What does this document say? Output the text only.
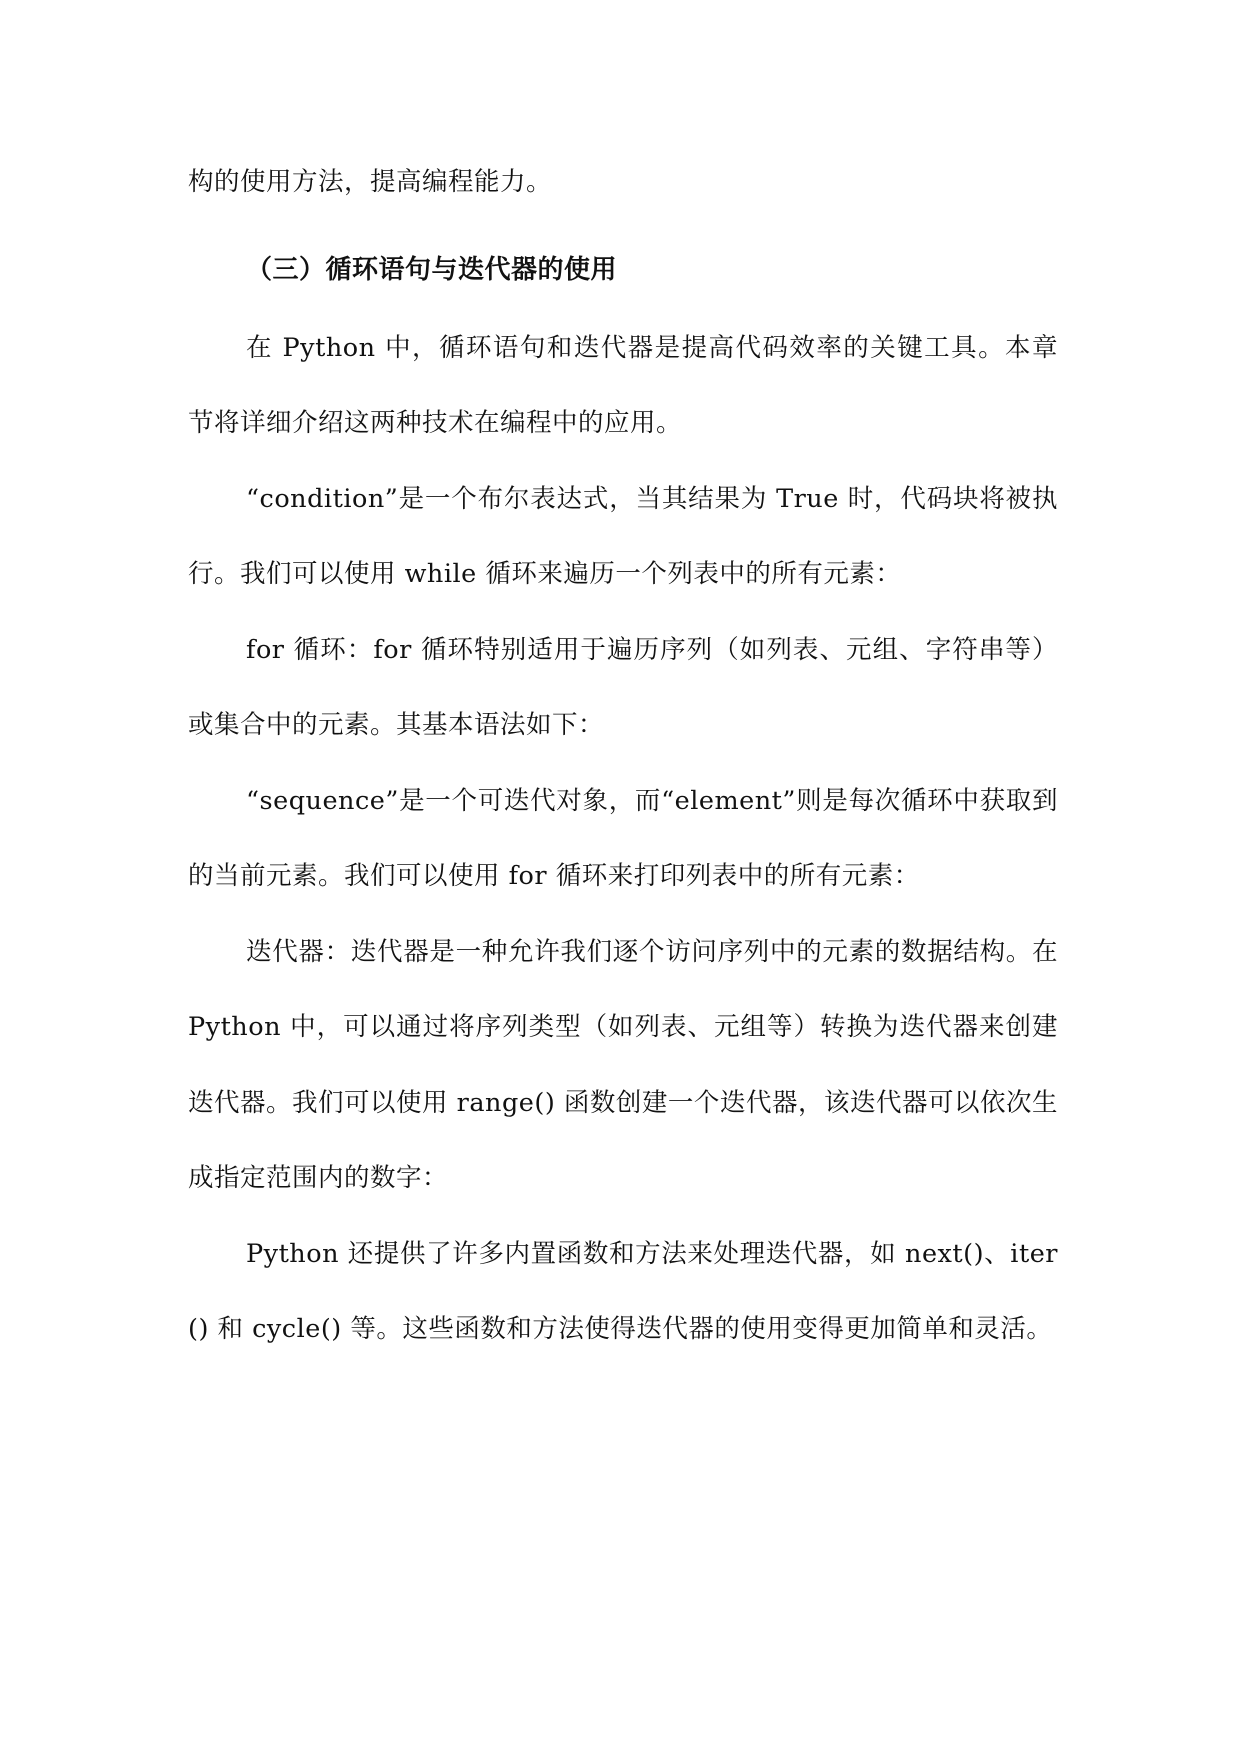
构的使用方法，提高编程能力。

（三）循环语句与迭代器的使用

在 Python 中，循环语句和迭代器是提高代码效率的关键工具。本章节将详细介绍这两种技术在编程中的应用。

“condition”是一个布尔表达式，当其结果为 True 时，代码块将被执行。我们可以使用 while 循环来遍历一个列表中的所有元素：

for 循环：for 循环特别适用于遍历序列（如列表、元组、字符串等）或集合中的元素。其基本语法如下：

“sequence”是一个可迭代对象，而“element”则是每次循环中获取到的当前元素。我们可以使用 for 循环来打印列表中的所有元素：

迭代器：迭代器是一种允许我们逐个访问序列中的元素的数据结构。在 Python 中，可以通过将序列类型（如列表、元组等）转换为迭代器来创建迭代器。我们可以使用 range() 函数创建一个迭代器，该迭代器可以依次生成指定范围内的数字：

Python 还提供了许多内置函数和方法来处理迭代器，如 next()、iter() 和 cycle() 等。这些函数和方法使得迭代器的使用变得更加简单和灵活。
